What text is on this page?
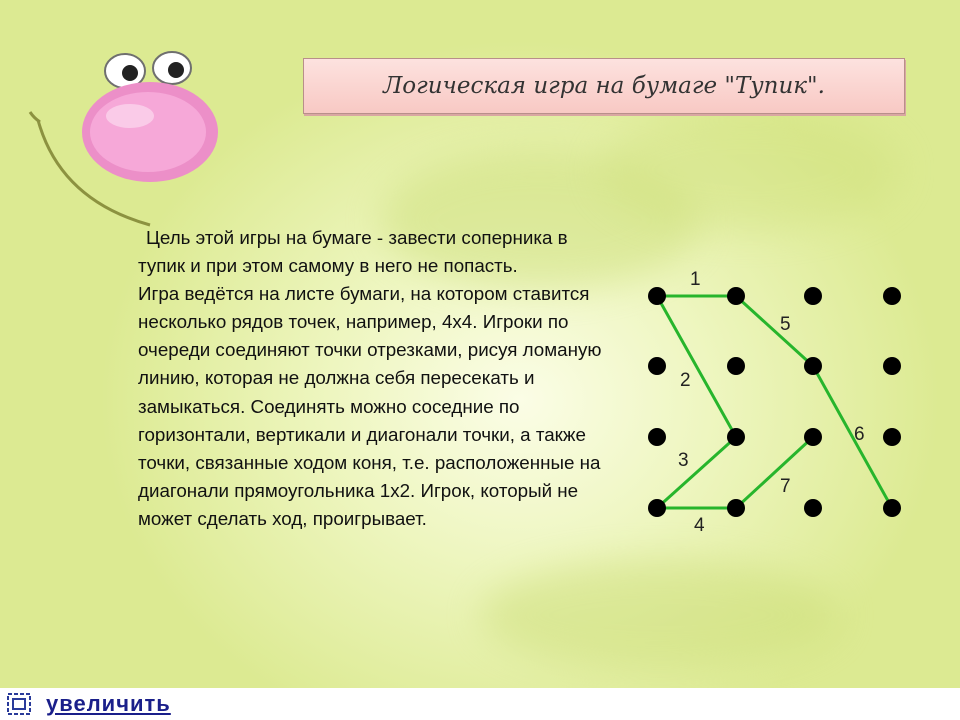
Логическая игра на бумаге "Тупик".

Цель этой игры на бумаге - завести соперника в тупик и при этом самому в него не попасть.

Игра ведётся на листе бумаги, на котором ставится несколько рядов точек, например, 4х4. Игроки по очереди соединяют точки отрезками, рисуя ломаную линию, которая не должна себя пересекать и замыкаться. Соединять можно соседние по горизонтали, вертикали и диагонали точки, а также точки, связанные ходом коня, т.е. расположенные на диагонали прямоугольника 1х2. Игрок, который не может сделать ход, проигрывает.

1
2
3
4
5
6
7
увеличить
